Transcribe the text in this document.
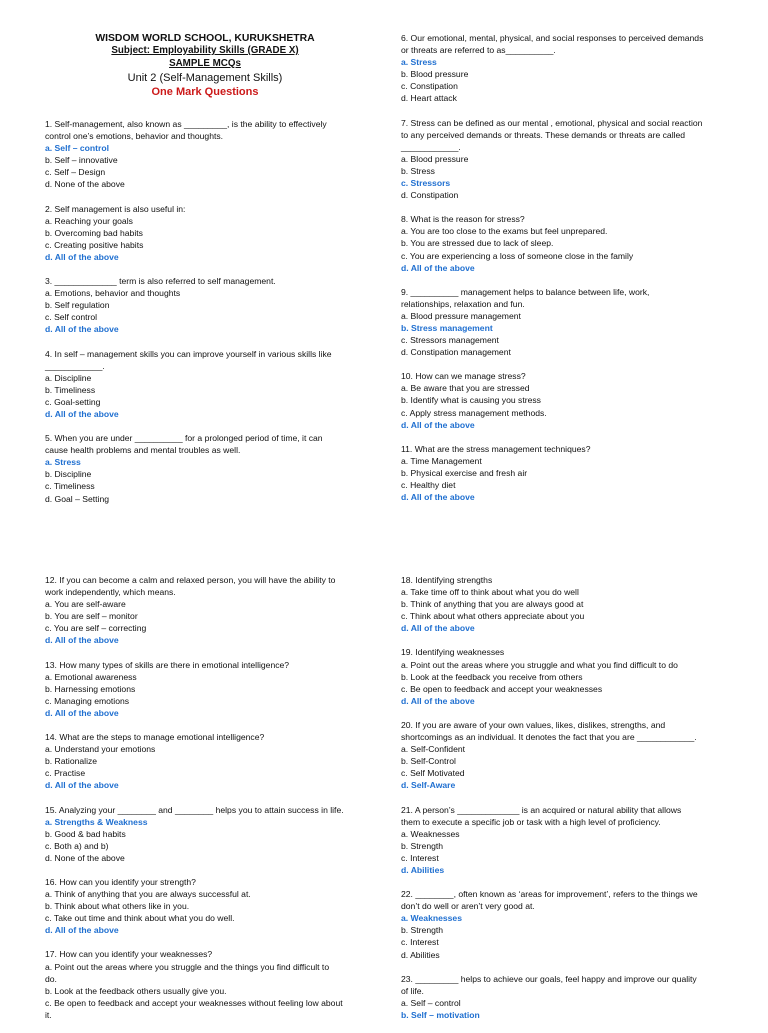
WISDOM WORLD SCHOOL, KURUKSHETRA
Subject: Employability Skills (GRADE X)
SAMPLE MCQs
Unit 2 (Self-Management Skills)
One Mark Questions
1. Self-management, also known as _________, is the ability to effectively
control one’s emotions, behavior and thoughts.
a. Self – control
b. Self – innovative
c. Self – Design
d. None of the above
2. Self management is also useful in:
a. Reaching your goals
b. Overcoming bad habits
c. Creating positive habits
d. All of the above
3. _____________ term is also referred to self management.
a. Emotions, behavior and thoughts
b. Self regulation
c. Self control
d. All of the above
4. In self – management skills you can improve yourself in various skills like
____________.
a. Discipline
b. Timeliness
c. Goal-setting
d. All of the above
5. When you are under __________ for a prolonged period of time, it can
cause health problems and mental troubles as well.
a. Stress
b. Discipline
c. Timeliness
d. Goal – Setting
6. Our emotional, mental, physical, and social responses to perceived demands
or threats are referred to as__________.
a. Stress
b. Blood pressure
c. Constipation
d. Heart attack
7. Stress can be defined as our mental , emotional, physical and social reaction
to any perceived demands or threats. These demands or threats are called
____________.
a. Blood pressure
b. Stress
c. Stressors
d. Constipation
8. What is the reason for stress?
a. You are too close to the exams but feel unprepared.
b. You are stressed due to lack of sleep.
c. You are experiencing a loss of someone close in the family
d. All of the above
9. __________ management helps to balance between life, work,
relationships, relaxation and fun.
a. Blood pressure management
b. Stress management
c. Stressors management
d. Constipation management
10. How can we manage stress?
a. Be aware that you are stressed
b. Identify what is causing you stress
c. Apply stress management methods.
d. All of the above
11. What are the stress management techniques?
a. Time Management
b. Physical exercise and fresh air
c. Healthy diet
d. All of the above
12. If you can become a calm and relaxed person, you will have the ability to
work independently, which means.
a. You are self-aware
b. You are self – monitor
c. You are self – correcting
d. All of the above
13. How many types of skills are there in emotional intelligence?
a. Emotional awareness
b. Harnessing emotions
c. Managing emotions
d. All of the above
14. What are the steps to manage emotional intelligence?
a. Understand your emotions
b. Rationalize
c. Practise
d. All of the above
15. Analyzing your ________ and ________ helps you to attain success in life.
a. Strengths & Weakness
b. Good & bad habits
c. Both a) and b)
d. None of the above
16. How can you identify your strength?
a. Think of anything that you are always successful at.
b. Think about what others like in you.
c. Take out time and think about what you do well.
d. All of the above
17. How can you identify your weaknesses?
a. Point out the areas where you struggle and the things you find difficult to
do.
b. Look at the feedback others usually give you.
c. Be open to feedback and accept your weaknesses without feeling low about
it.
18. Identifying strengths
a. Take time off to think about what you do well
b. Think of anything that you are always good at
c. Think about what others appreciate about you
d. All of the above
19. Identifying weaknesses
a. Point out the areas where you struggle and what you find difficult to do
b. Look at the feedback you receive from others
c. Be open to feedback and accept your weaknesses
d. All of the above
20. If you are aware of your own values, likes, dislikes, strengths, and
shortcomings as an individual. It denotes the fact that you are ____________.
a. Self-Confident
b. Self-Control
c. Self Motivated
d. Self-Aware
21. A person’s _____________ is an acquired or natural ability that allows
them to execute a specific job or task with a high level of proficiency.
a. Weaknesses
b. Strength
c. Interest
d. Abilities
22. ________, often known as ‘areas for improvement’, refers to the things we
don’t do well or aren’t very good at.
a. Weaknesses
b. Strength
c. Interest
d. Abilities
23. _________ helps to achieve our goals, feel happy and improve our quality
of life.
a. Self – control
b. Self – motivation
